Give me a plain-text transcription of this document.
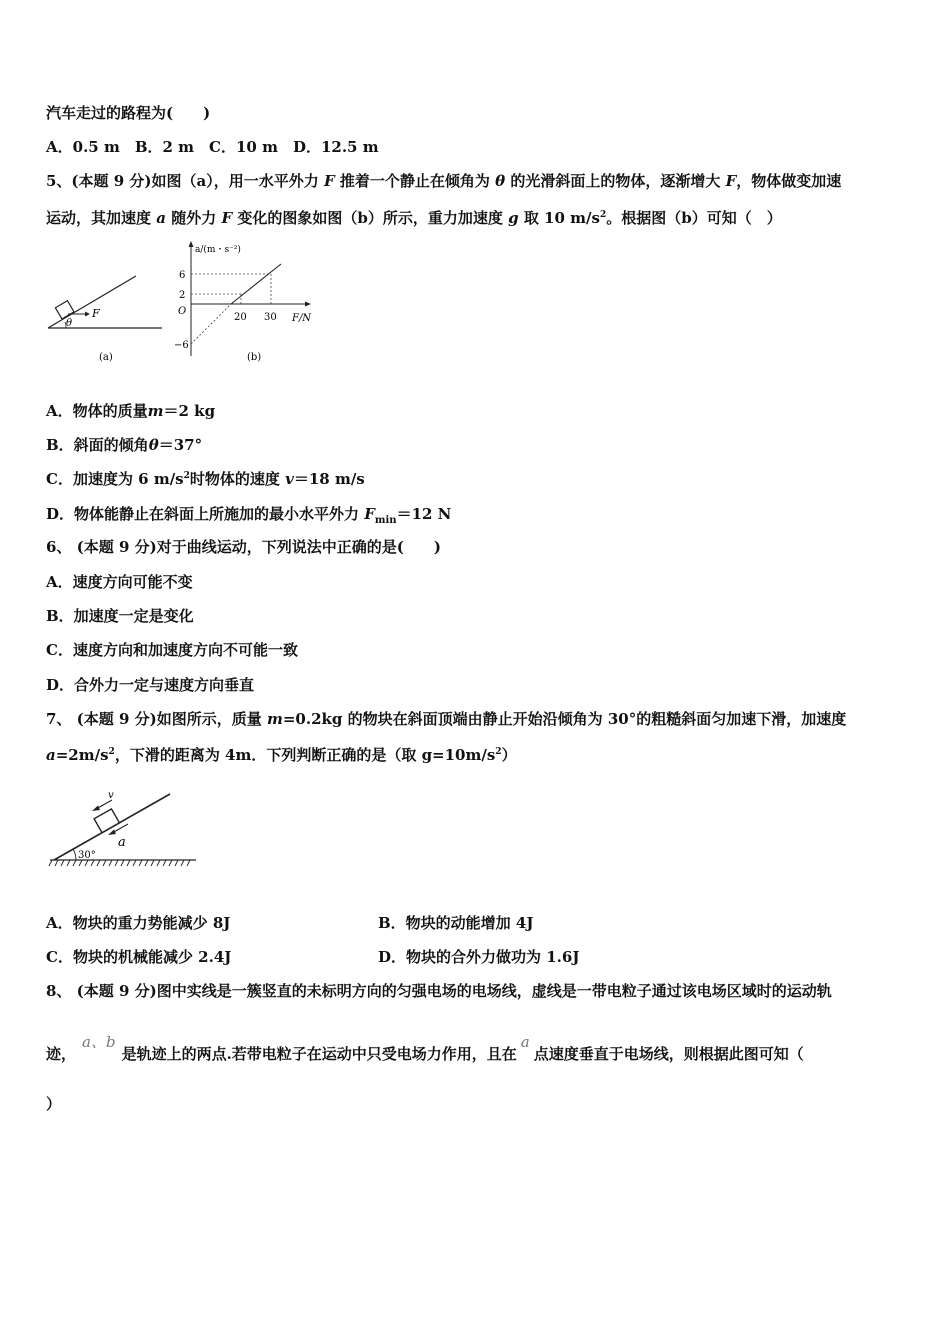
汽车走过的路程为(　　)
A．0.5 m　B．2 m　C．10 m　D．12.5 m
5、(本题 9 分)如图（a），用一水平外力 F 推着一个静止在倾角为 θ 的光滑斜面上的物体，逐渐增大 F，物体做变加速
运动，其加速度 a 随外力 F 变化的图象如图（b）所示，重力加速度 g 取 10 $m/s^2$。根据图（b）可知（　）
F
θ
(a)
a/(m・s⁻²)
6
2
O
−6
20 30 F/N
(b)
A．物体的质量m＝2 kg
B．斜面的倾角θ＝37°
C．加速度为 6 $m/s^2$时物体的速度 v＝18 m/s
D．物体能静止在斜面上所施加的最小水平外力 $F_{min}=12$ N
6、 (本题 9 分)对于曲线运动，下列说法中正确的是(　　)
A．速度方向可能不变
B．加速度一定是变化
C．速度方向和加速度方向不可能一致
D．合外力一定与速度方向垂直
7、 (本题 9 分)如图所示，质量 m=0.2kg 的物块在斜面顶端由静止开始沿倾角为 30°的粗糙斜面匀加速下滑，加速度
$a=2m/s^2$，下滑的距离为 4m．下列判断正确的是（取 $g=10m/s^2$）
v
a
30°
A．物块的重力势能减少 8J	B．物块的动能增加 4J
C．物块的机械能减少 2.4J	D．物块的合外力做功为 1.6J
8、 (本题 9 分)图中实线是一簇竖直的未标明方向的匀强电场的电场线，虚线是一带电粒子通过该电场区域时的运动轨
迹，a、b是轨迹上的两点.若带电粒子在运动中只受电场力作用，且在a点速度垂直于电场线，则根据此图可知（
）
